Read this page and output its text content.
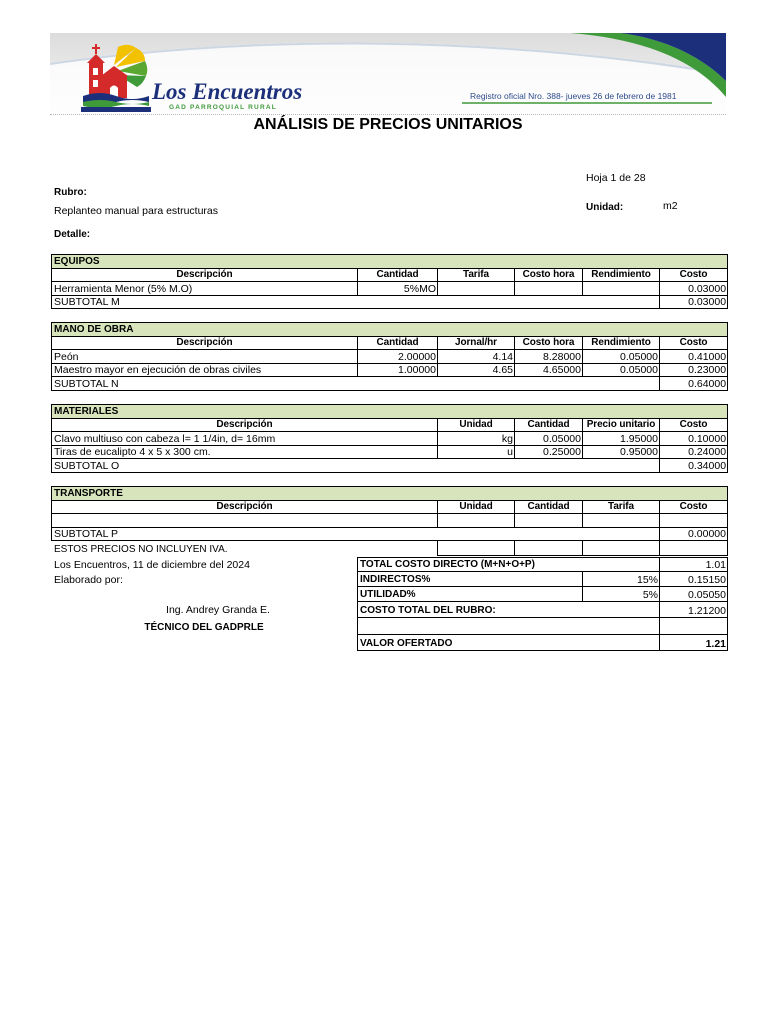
Los Encuentros
GAD PARROQUIAL RURAL
Registro oficial Nro. 388- jueves 26 de febrero de 1981
ANÁLISIS DE PRECIOS UNITARIOS
Hoja 1 de 28
Rubro:
Replanteo manual para estructuras	Unidad:	m2
Detalle:
EQUIPOS					
Descripción	Cantidad	Tarifa	Costo hora	Rendimiento	Costo
Herramienta Menor (5% M.O)	5%MO				0.03000
SUBTOTAL M					0.03000
MANO DE OBRA					
Descripción	Cantidad	Jornal/hr	Costo hora	Rendimiento	Costo
Peón	2.00000	4.14	8.28000	0.05000	0.41000
Maestro mayor en ejecución de obras civiles	1.00000	4.65	4.65000	0.05000	0.23000
SUBTOTAL N					0.64000
MATERIALES				
Descripción	Unidad	Cantidad	Precio unitario	Costo
Clavo multiuso con cabeza l= 1 1/4in, d= 16mm	kg	0.05000	1.95000	0.10000
Tiras de eucalipto 4 x 5 x 300 cm.	u	0.25000	0.95000	0.24000
SUBTOTAL O				0.34000
TRANSPORTE				
Descripción	Unidad	Cantidad	Tarifa	Costo

SUBTOTAL P				0.00000

ESTOS PRECIOS NO INCLUYEN IVA.
Los Encuentros, 11 de diciembre del 2024
Elaborado por:
Ing. Andrey Granda E.
TÉCNICO DEL GADPRLE
TOTAL COSTO DIRECTO (M+N+O+P)		1.01
INDIRECTOS%	15%	0.15150
UTILIDAD%	5%	0.05050
COSTO TOTAL DEL RUBRO:		1.21200

VALOR OFERTADO		1.21
